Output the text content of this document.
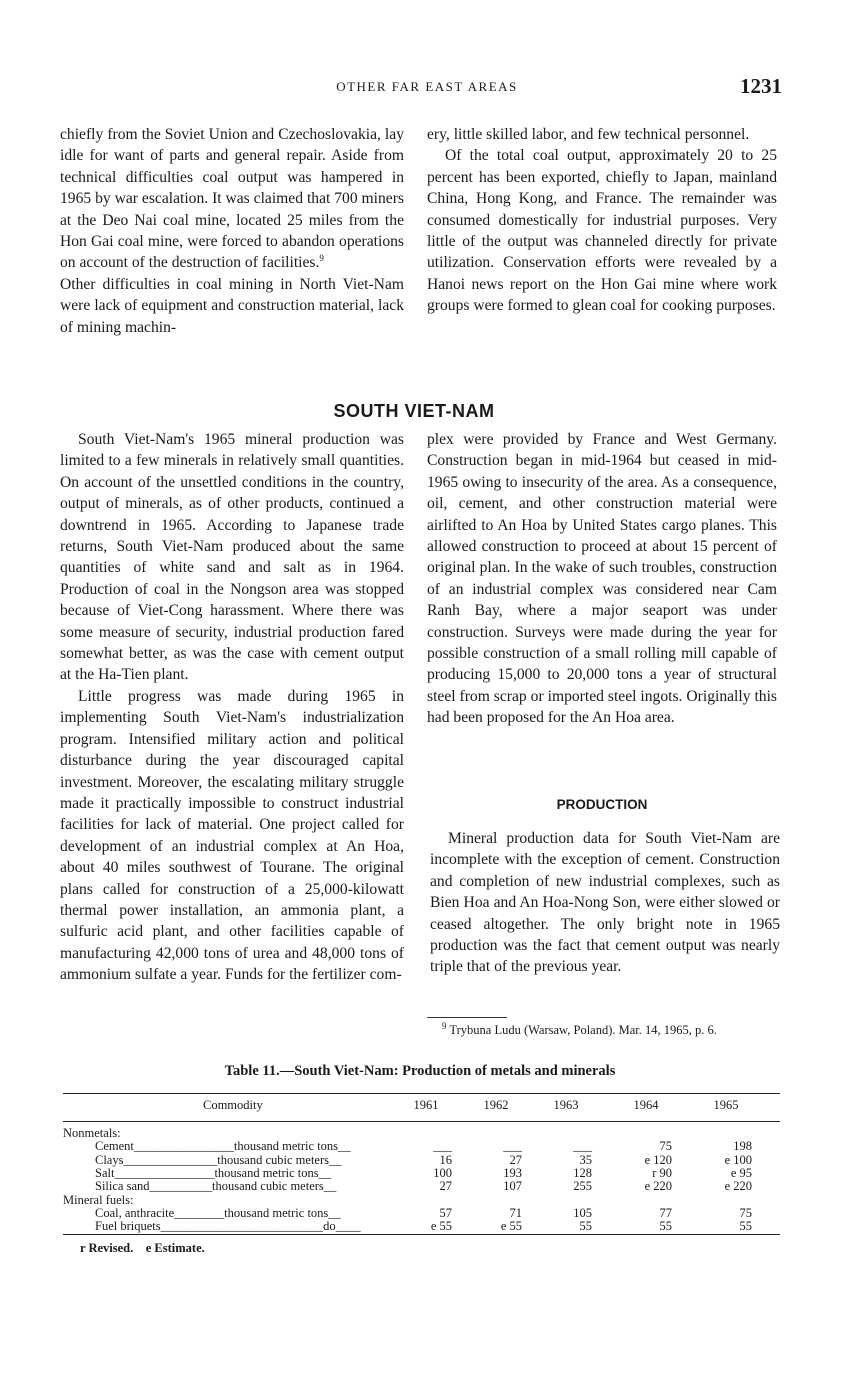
OTHER FAR EAST AREAS	1231

chiefly from the Soviet Union and Czechoslovakia, lay idle for want of parts and general repair. Aside from technical difficulties coal output was hampered in 1965 by war escalation. It was claimed that 700 miners at the Deo Nai coal mine, located 25 miles from the Hon Gai coal mine, were forced to abandon operations on account of the destruction of facilities.$^9$

Other difficulties in coal mining in North Viet-Nam were lack of equipment and construction material, lack of mining machin-

ery, little skilled labor, and few technical personnel.

Of the total coal output, approximately 20 to 25 percent has been exported, chiefly to Japan, mainland China, Hong Kong, and France. The remainder was consumed domestically for industrial purposes. Very little of the output was channeled directly for private utilization. Conservation efforts were revealed by a Hanoi news report on the Hon Gai mine where work groups were formed to glean coal for cooking purposes.

SOUTH VIET-NAM

South Viet-Nam's 1965 mineral production was limited to a few minerals in relatively small quantities. On account of the unsettled conditions in the country, output of minerals, as of other products, continued a downtrend in 1965. According to Japanese trade returns, South Viet-Nam produced about the same quantities of white sand and salt as in 1964. Production of coal in the Nongson area was stopped because of Viet-Cong harassment. Where there was some measure of security, industrial production fared somewhat better, as was the case with cement output at the Ha-Tien plant.

Little progress was made during 1965 in implementing South Viet-Nam's industrialization program. Intensified military action and political disturbance during the year discouraged capital investment. Moreover, the escalating military struggle made it practically impossible to construct industrial facilities for lack of material. One project called for development of an industrial complex at An Hoa, about 40 miles southwest of Tourane. The original plans called for construction of a 25,000-kilowatt thermal power installation, an ammonia plant, a sulfuric acid plant, and other facilities capable of manufacturing 42,000 tons of urea and 48,000 tons of ammonium sulfate a year. Funds for the fertilizer com-

plex were provided by France and West Germany. Construction began in mid-1964 but ceased in mid-1965 owing to insecurity of the area. As a consequence, oil, cement, and other construction material were airlifted to An Hoa by United States cargo planes. This allowed construction to proceed at about 15 percent of original plan. In the wake of such troubles, construction of an industrial complex was considered near Cam Ranh Bay, where a major seaport was under construction. Surveys were made during the year for possible construction of a small rolling mill capable of producing 15,000 to 20,000 tons a year of structural steel from scrap or imported steel ingots. Originally this had been proposed for the An Hoa area.

PRODUCTION

Mineral production data for South Viet-Nam are incomplete with the exception of cement. Construction and completion of new industrial complexes, such as Bien Hoa and An Hoa-Nong Son, were either slowed or ceased altogether. The only bright note in 1965 production was the fact that cement output was nearly triple that of the previous year.

$^9$ Trybuna Ludu (Warsaw, Poland). Mar. 14, 1965, p. 6.
Table 11.—South Viet-Nam: Production of metals and minerals
Commodity	1961	1962	1963	1964	1965
Nonmetals:
Cement________________thousand metric tons__	___	___	___	75	198
Clays_______________thousand cubic meters__	16	27	35	e 120	e 100
Salt________________thousand metric tons__	100	193	128	r 90	e 95
Silica sand__________thousand cubic meters__	27	107	255	e 220	e 220
Mineral fuels:
Coal, anthracite________thousand metric tons__	57	71	105	77	75
Fuel briquets__________________________do____	e 55	e 55	55	55	55
r Revised. e Estimate.
